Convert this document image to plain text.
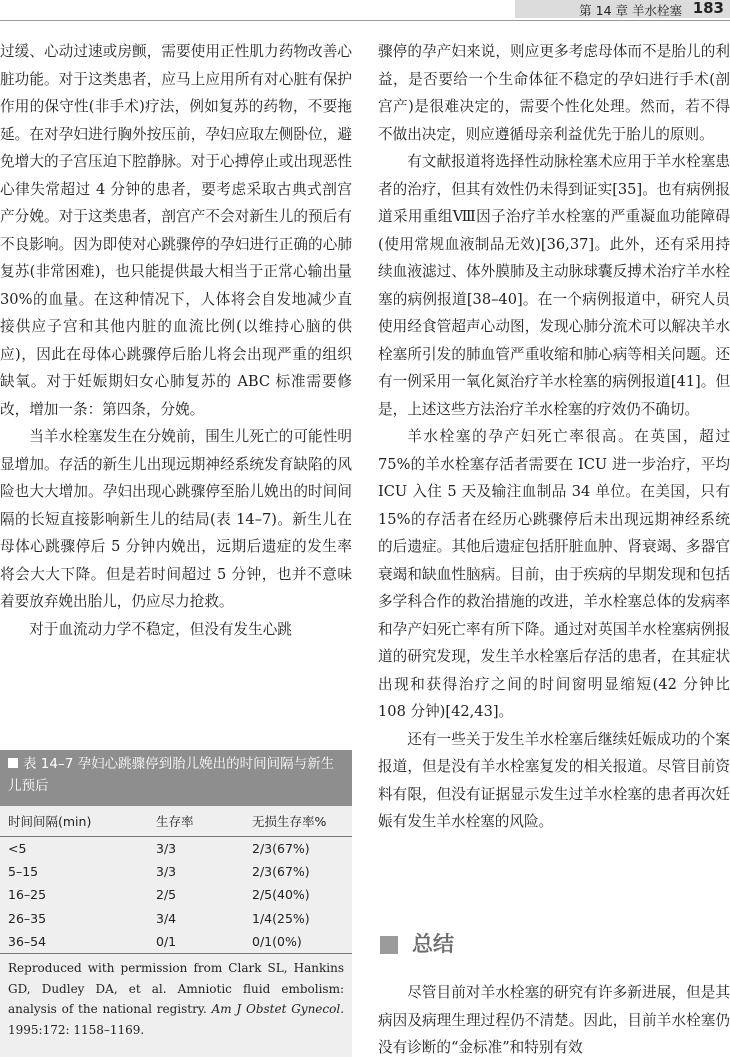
第 14 章 羊水栓塞 183

过缓、心动过速或房颤，需要使用正性肌力药物改善心脏功能。对于这类患者，应马上应用所有对心脏有保护作用的保守性(非手术)疗法，例如复苏的药物，不要拖延。在对孕妇进行胸外按压前，孕妇应取左侧卧位，避免增大的子宫压迫下腔静脉。对于心搏停止或出现恶性心律失常超过 4 分钟的患者，要考虑采取古典式剖宫产分娩。对于这类患者，剖宫产不会对新生儿的预后有不良影响。因为即使对心跳骤停的孕妇进行正确的心肺复苏(非常困难)，也只能提供最大相当于正常心输出量 30%的血量。在这种情况下，人体将会自发地减少直接供应子宫和其他内脏的血流比例(以维持心脑的供应)，因此在母体心跳骤停后胎儿将会出现严重的组织缺氧。对于妊娠期妇女心肺复苏的 ABC 标准需要修改，增加一条：第四条，分娩。

当羊水栓塞发生在分娩前，围生儿死亡的可能性明显增加。存活的新生儿出现远期神经系统发育缺陷的风险也大大增加。孕妇出现心跳骤停至胎儿娩出的时间间隔的长短直接影响新生儿的结局(表 14–7)。新生儿在母体心跳骤停后 5 分钟内娩出，远期后遗症的发生率将会大大下降。但是若时间超过 5 分钟，也并不意味着要放弃娩出胎儿，仍应尽力抢救。

对于血流动力学不稳定，但没有发生心跳

表 14–7 孕妇心跳骤停到胎儿娩出的时间间隔与新生儿预后
时间间隔(min)	生存率	无损生存率%
<5	3/3	2/3(67%)
5–15	3/3	2/3(67%)
16–25	2/5	2/5(40%)
26–35	3/4	1/4(25%)
36–54	0/1	0/1(0%)

Reproduced with permission from Clark SL, Hankins GD, Dudley DA, et al. Amniotic fluid embolism: analysis of the national registry. Am J Obstet Gynecol. 1995:172: 1158–1169.

骤停的孕产妇来说，则应更多考虑母体而不是胎儿的利益，是否要给一个生命体征不稳定的孕妇进行手术(剖宫产)是很难决定的，需要个性化处理。然而，若不得不做出决定，则应遵循母亲利益优先于胎儿的原则。

有文献报道将选择性动脉栓塞术应用于羊水栓塞患者的治疗，但其有效性仍未得到证实[35]。也有病例报道采用重组Ⅷ因子治疗羊水栓塞的严重凝血功能障碍(使用常规血液制品无效)[36,37]。此外，还有采用持续血液滤过、体外膜肺及主动脉球囊反搏术治疗羊水栓塞的病例报道[38–40]。在一个病例报道中，研究人员使用经食管超声心动图，发现心肺分流术可以解决羊水栓塞所引发的肺血管严重收缩和肺心病等相关问题。还有一例采用一氧化氮治疗羊水栓塞的病例报道[41]。但是，上述这些方法治疗羊水栓塞的疗效仍不确切。

羊水栓塞的孕产妇死亡率很高。在英国，超过 75%的羊水栓塞存活者需要在 ICU 进一步治疗，平均 ICU 入住 5 天及输注血制品 34 单位。在美国，只有 15%的存活者在经历心跳骤停后未出现远期神经系统的后遗症。其他后遗症包括肝脏血肿、肾衰竭、多器官衰竭和缺血性脑病。目前，由于疾病的早期发现和包括多学科合作的救治措施的改进，羊水栓塞总体的发病率和孕产妇死亡率有所下降。通过对英国羊水栓塞病例报道的研究发现，发生羊水栓塞后存活的患者，在其症状出现和获得治疗之间的时间窗明显缩短(42 分钟比 108 分钟)[42,43]。

还有一些关于发生羊水栓塞后继续妊娠成功的个案报道，但是没有羊水栓塞复发的相关报道。尽管目前资料有限，但没有证据显示发生过羊水栓塞的患者再次妊娠有发生羊水栓塞的风险。

总结

尽管目前对羊水栓塞的研究有许多新进展，但是其病因及病理生理过程仍不清楚。因此，目前羊水栓塞仍没有诊断的“金标准”和特别有效
